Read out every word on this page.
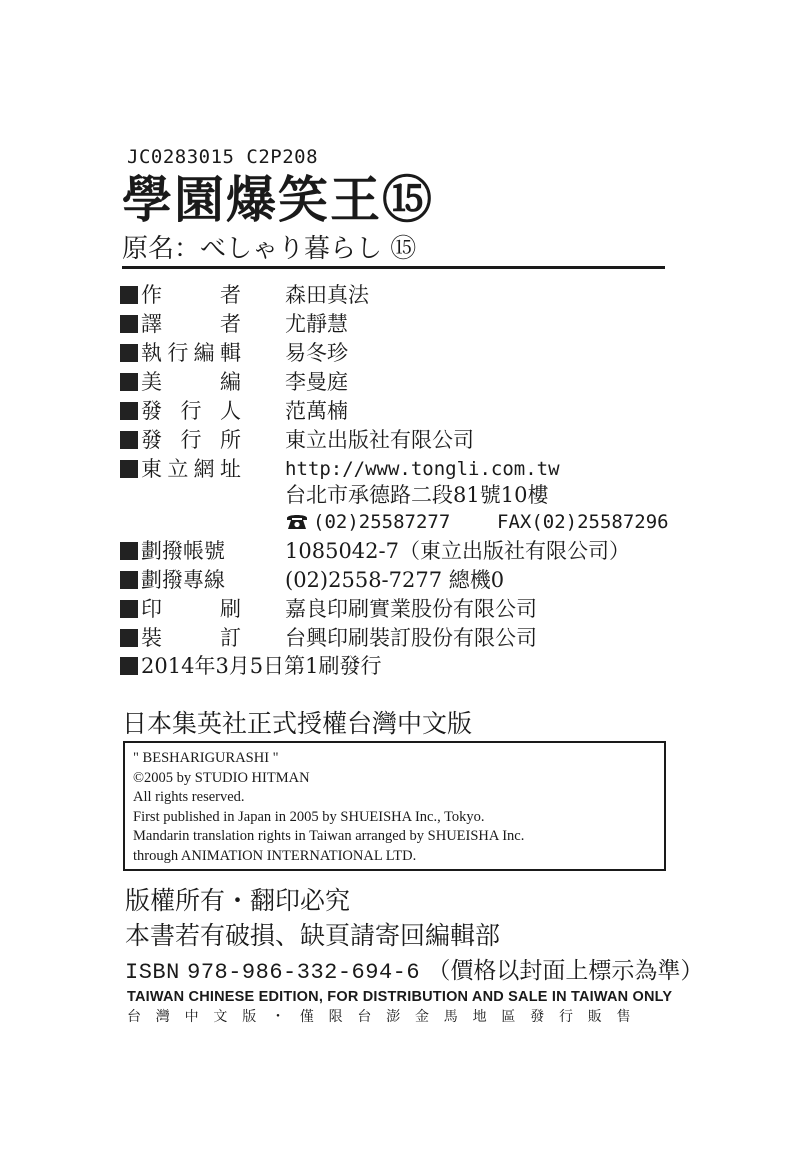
JC0283015 C2P208
學園爆笑王⑮
原名：べしゃり暮らし ⑮
作　者 森田真法
譯　者 尤靜慧
執行編輯 易冬珍
美　編 李曼庭
發行人 范萬楠
發行所 東立出版社有限公司
東立網址 http://www.tongli.com.tw
台北市承德路二段81號10樓
(02)25587277 FAX(02)25587296
劃撥帳號	1085042-7（東立出版社有限公司）
劃撥專線	(02)2558-7277 總機0
印　刷 嘉良印刷實業股份有限公司
裝　訂 台興印刷裝訂股份有限公司
2014年3月5日第1刷發行
日本集英社正式授權台灣中文版
" BESHARIGURASHI "
©2005 by STUDIO HITMAN
All rights reserved.
First published in Japan in 2005 by SHUEISHA Inc., Tokyo.
Mandarin translation rights in Taiwan arranged by SHUEISHA Inc.
through ANIMATION INTERNATIONAL LTD.
版權所有・翻印必究
本書若有破損、缺頁請寄回編輯部
ISBN 978-986-332-694-6 （價格以封面上標示為準）
TAIWAN CHINESE EDITION, FOR DISTRIBUTION AND SALE IN TAIWAN ONLY
台灣中文版・僅限台澎金馬地區發行販售
